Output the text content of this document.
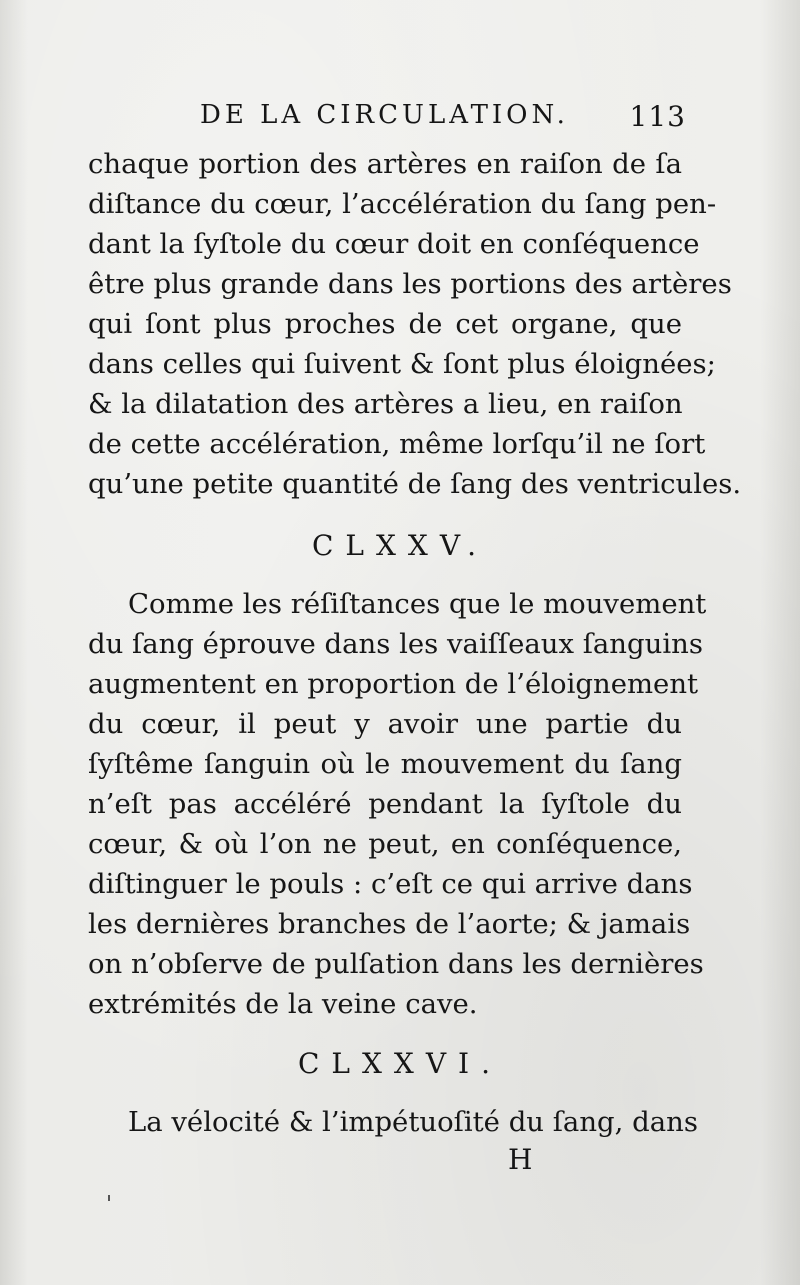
DE LA CIRCULATION. 113
chaque portion des artères en raiſon de ſa
diſtance du cœur, l’accélération du ſang pen-
dant la ſyſtole du cœur doit en conſéquence
être plus grande dans les portions des artères
qui ſont plus proches de cet organe, que
dans celles qui ſuivent & ſont plus éloignées;
& la dilatation des artères a lieu, en raiſon
de cette accélération, même lorſqu’il ne ſort
qu’une petite quantité de ſang des ventricules.
CLXXV.
Comme les réſiſtances que le mouvement
du ſang éprouve dans les vaiſſeaux ſanguins
augmentent en proportion de l’éloignement
du cœur, il peut y avoir une partie du
ſyſtême ſanguin où le mouvement du ſang
n’eſt pas accéléré pendant la ſyſtole du
cœur, & où l’on ne peut, en conſéquence,
diſtinguer le pouls : c’eſt ce qui arrive dans
les dernières branches de l’aorte; & jamais
on n’obſerve de pulſation dans les dernières
extrémités de la veine cave.
CLXXVI.
La vélocité & l’impétuoſité du ſang, dans
H
